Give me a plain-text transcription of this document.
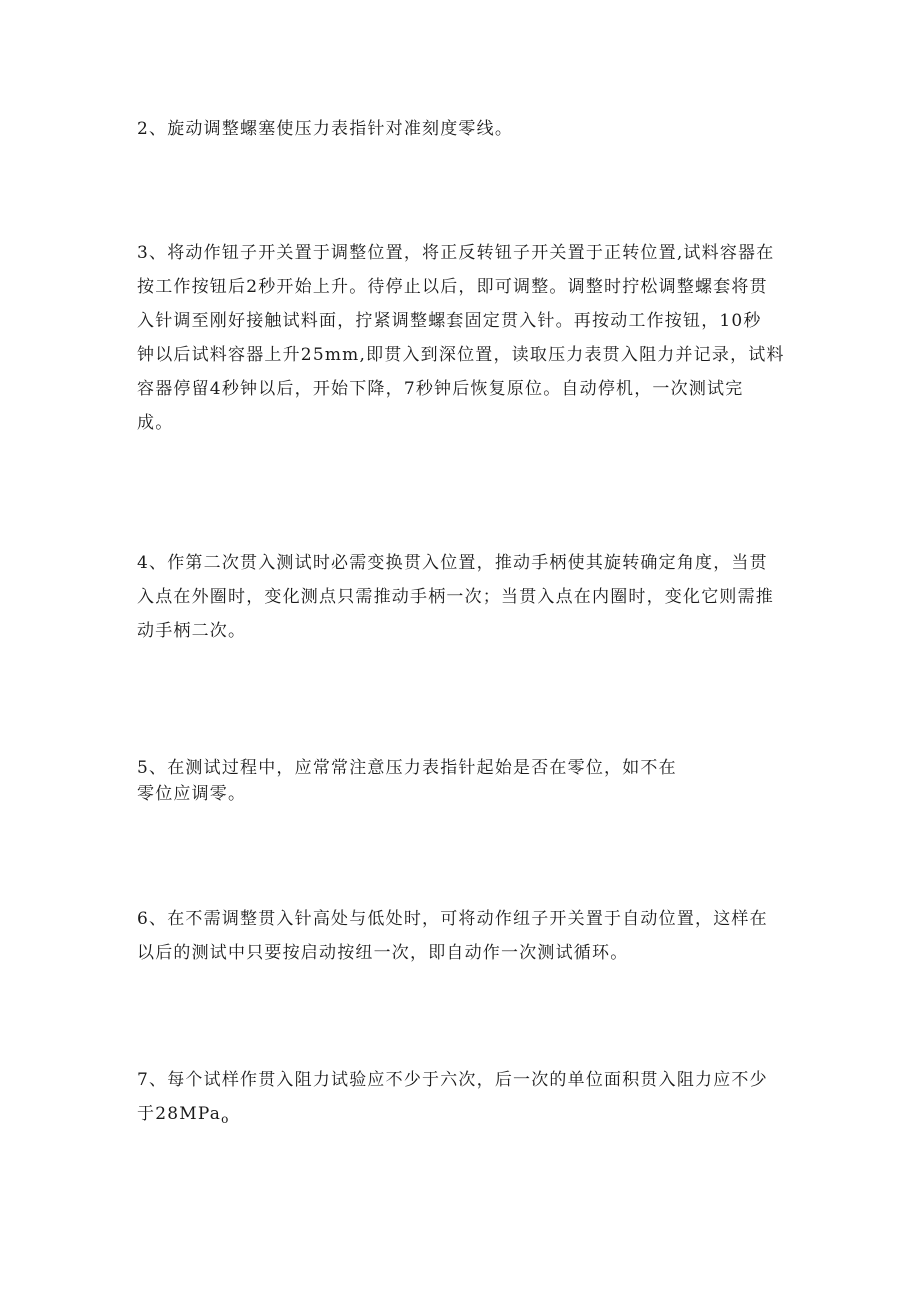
2、旋动调整螺塞使压力表指针对准刻度零线。

3、将动作钮子开关置于调整位置，将正反转钮子开关置于正转位置,试料容器在
按工作按钮后2秒开始上升。待停止以后，即可调整。调整时拧松调整螺套将贯
入针调至刚好接触试料面，拧紧调整螺套固定贯入针。再按动工作按钮，10秒
钟以后试料容器上升25mm,即贯入到深位置，读取压力表贯入阻力并记录，试料
容器停留4秒钟以后，开始下降，7秒钟后恢复原位。自动停机，一次测试完
成。

4、作第二次贯入测试时必需变换贯入位置，推动手柄使其旋转确定角度，当贯
入点在外圈时，变化测点只需推动手柄一次；当贯入点在内圈时，变化它则需推
动手柄二次。

5、在测试过程中，应常常注意压力表指针起始是否在零位，如不在
零位应调零。

6、在不需调整贯入针高处与低处时，可将动作纽子开关置于自动位置，这样在
以后的测试中只要按启动按纽一次，即自动作一次测试循环。

7、每个试样作贯入阻力试验应不少于六次，后一次的单位面积贯入阻力应不少
于28MPa$_o$
